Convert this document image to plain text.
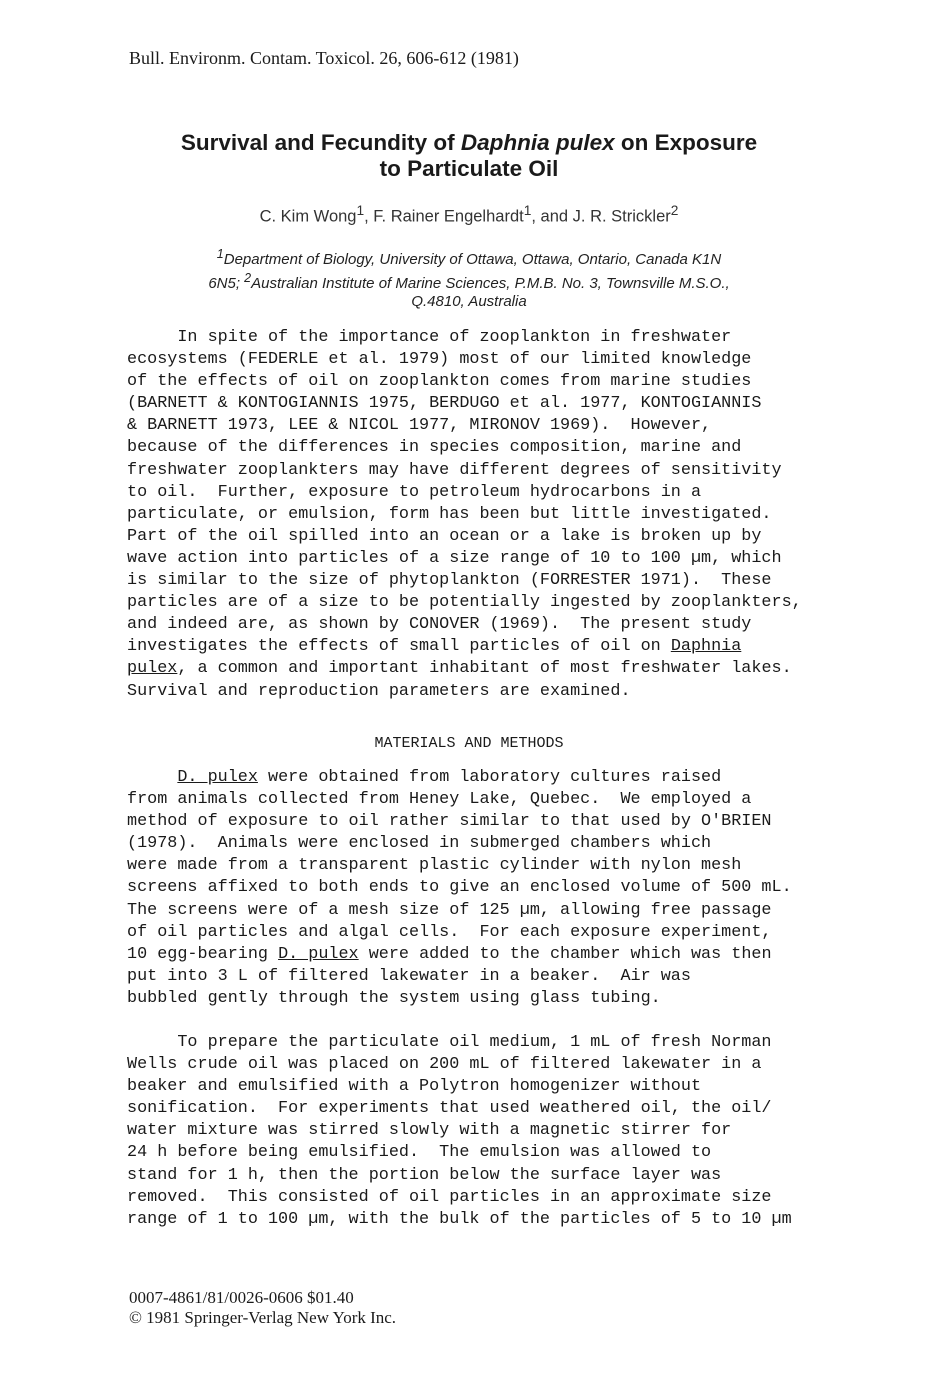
Bull. Environm. Contam. Toxicol. 26, 606-612 (1981)
Survival and Fecundity of Daphnia pulex on Exposure
to Particulate Oil
C. Kim Wong$^1$, F. Rainer Engelhardt$^1$, and J. R. Strickler$^2$
$^1$Department of Biology, University of Ottawa, Ottawa, Ontario, Canada K1N
6N5; $^2$Australian Institute of Marine Sciences, P.M.B. No. 3, Townsville M.S.O.,
Q.4810, Australia
In spite of the importance of zooplankton in freshwater
ecosystems (FEDERLE et al. 1979) most of our limited knowledge
of the effects of oil on zooplankton comes from marine studies
(BARNETT & KONTOGIANNIS 1975, BERDUGO et al. 1977, KONTOGIANNIS
& BARNETT 1973, LEE & NICOL 1977, MIRONOV 1969).  However,
because of the differences in species composition, marine and
freshwater zooplankters may have different degrees of sensitivity
to oil.  Further, exposure to petroleum hydrocarbons in a
particulate, or emulsion, form has been but little investigated.
Part of the oil spilled into an ocean or a lake is broken up by
wave action into particles of a size range of 10 to 100 µm, which
is similar to the size of phytoplankton (FORRESTER 1971).  These
particles are of a size to be potentially ingested by zooplankters,
and indeed are, as shown by CONOVER (1969).  The present study
investigates the effects of small particles of oil on Daphnia
pulex, a common and important inhabitant of most freshwater lakes.
Survival and reproduction parameters are examined.
MATERIALS AND METHODS
D. pulex were obtained from laboratory cultures raised
from animals collected from Heney Lake, Quebec.  We employed a
method of exposure to oil rather similar to that used by O'BRIEN
(1978).  Animals were enclosed in submerged chambers which
were made from a transparent plastic cylinder with nylon mesh
screens affixed to both ends to give an enclosed volume of 500 mL.
The screens were of a mesh size of 125 µm, allowing free passage
of oil particles and algal cells.  For each exposure experiment,
10 egg-bearing D. pulex were added to the chamber which was then
put into 3 L of filtered lakewater in a beaker.  Air was
bubbled gently through the system using glass tubing.
To prepare the particulate oil medium, 1 mL of fresh Norman
Wells crude oil was placed on 200 mL of filtered lakewater in a
beaker and emulsified with a Polytron homogenizer without
sonification.  For experiments that used weathered oil, the oil/
water mixture was stirred slowly with a magnetic stirrer for
24 h before being emulsified.  The emulsion was allowed to
stand for 1 h, then the portion below the surface layer was
removed.  This consisted of oil particles in an approximate size
range of 1 to 100 µm, with the bulk of the particles of 5 to 10 µm
0007-4861/81/0026-0606 $01.40
© 1981 Springer-Verlag New York Inc.
